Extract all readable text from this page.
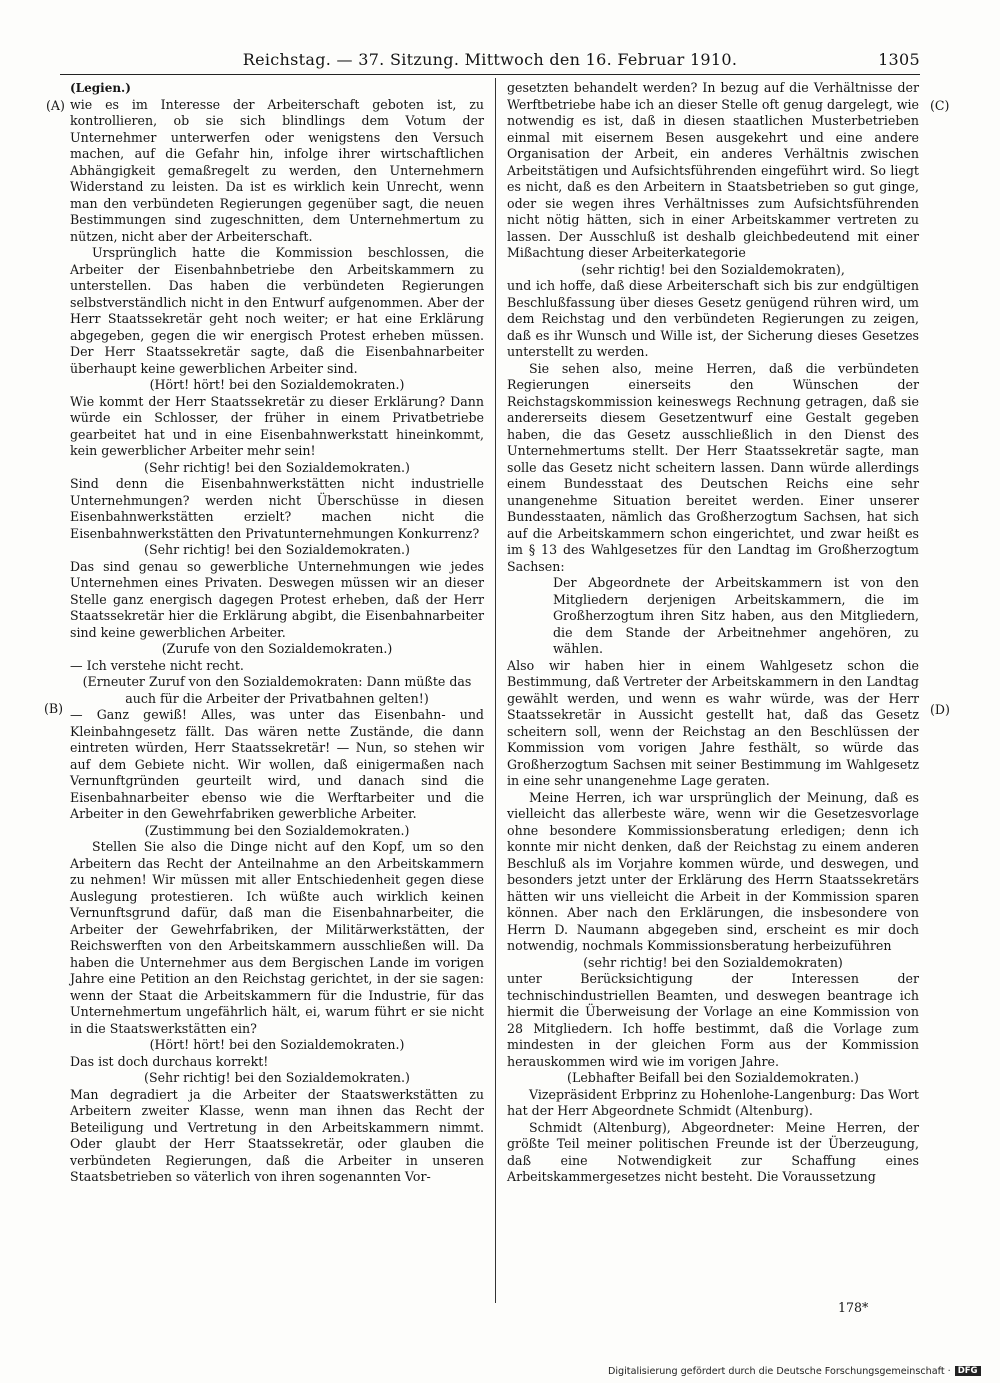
Reichstag. — 37. Sitzung. Mittwoch den 16. Februar 1910.	1305
(A)
(B)
(C)
(D)

(Legien.)

wie es im Interesse der Arbeiterschaft geboten ist, zu kontrollieren, ob sie sich blindlings dem Votum der Unternehmer unterwerfen oder wenigstens den Versuch machen, auf die Gefahr hin, infolge ihrer wirtschaftlichen Abhängigkeit gemaßregelt zu werden, den Unternehmern Widerstand zu leisten. Da ist es wirklich kein Unrecht, wenn man den verbündeten Regierungen gegenüber sagt, die neuen Bestimmungen sind zugeschnitten, dem Unternehmertum zu nützen, nicht aber der Arbeiterschaft.

Ursprünglich hatte die Kommission beschlossen, die Arbeiter der Eisenbahnbetriebe den Arbeitskammern zu unterstellen. Das haben die verbündeten Regierungen selbstverständlich nicht in den Entwurf aufgenommen. Aber der Herr Staatssekretär geht noch weiter; er hat eine Erklärung abgegeben, gegen die wir energisch Protest erheben müssen. Der Herr Staatssekretär sagte, daß die Eisenbahnarbeiter überhaupt keine gewerblichen Arbeiter sind.

(Hört! hört! bei den Sozialdemokraten.)

Wie kommt der Herr Staatssekretär zu dieser Erklärung? Dann würde ein Schlosser, der früher in einem Privatbetriebe gearbeitet hat und in eine Eisenbahnwerkstatt hineinkommt, kein gewerblicher Arbeiter mehr sein!

(Sehr richtig! bei den Sozialdemokraten.)

Sind denn die Eisenbahnwerkstätten nicht industrielle Unternehmungen? werden nicht Überschüsse in diesen Eisenbahnwerkstätten erzielt? machen nicht die Eisenbahnwerkstätten den Privatunternehmungen Konkurrenz?

(Sehr richtig! bei den Sozialdemokraten.)

Das sind genau so gewerbliche Unternehmungen wie jedes Unternehmen eines Privaten. Deswegen müssen wir an dieser Stelle ganz energisch dagegen Protest erheben, daß der Herr Staatssekretär hier die Erklärung abgibt, die Eisenbahnarbeiter sind keine gewerblichen Arbeiter.

(Zurufe von den Sozialdemokraten.)

— Ich verstehe nicht recht.

(Erneuter Zuruf von den Sozialdemokraten: Dann müßte das auch für die Arbeiter der Privatbahnen gelten!)

— Ganz gewiß! Alles, was unter das Eisenbahn- und Kleinbahngesetz fällt. Das wären nette Zustände, die dann eintreten würden, Herr Staatssekretär! — Nun, so stehen wir auf dem Gebiete nicht. Wir wollen, daß einigermaßen nach Vernunftgründen geurteilt wird, und danach sind die Eisenbahnarbeiter ebenso wie die Werftarbeiter und die Arbeiter in den Gewehrfabriken gewerbliche Arbeiter.

(Zustimmung bei den Sozialdemokraten.)

Stellen Sie also die Dinge nicht auf den Kopf, um so den Arbeitern das Recht der Anteilnahme an den Arbeitskammern zu nehmen! Wir müssen mit aller Entschiedenheit gegen diese Auslegung protestieren. Ich wüßte auch wirklich keinen Vernunftsgrund dafür, daß man die Eisenbahnarbeiter, die Arbeiter der Gewehrfabriken, der Militärwerkstätten, der Reichswerften von den Arbeitskammern ausschließen will. Da haben die Unternehmer aus dem Bergischen Lande im vorigen Jahre eine Petition an den Reichstag gerichtet, in der sie sagen: wenn der Staat die Arbeitskammern für die Industrie, für das Unternehmertum ungefährlich hält, ei, warum führt er sie nicht in die Staatswerkstätten ein?

(Hört! hört! bei den Sozialdemokraten.)

Das ist doch durchaus korrekt!

(Sehr richtig! bei den Sozialdemokraten.)

Man degradiert ja die Arbeiter der Staatswerkstätten zu Arbeitern zweiter Klasse, wenn man ihnen das Recht der Beteiligung und Vertretung in den Arbeitskammern nimmt. Oder glaubt der Herr Staatssekretär, oder glauben die verbündeten Regierungen, daß die Arbeiter in unseren Staatsbetrieben so väterlich von ihren sogenannten Vor-

gesetzten behandelt werden? In bezug auf die Verhältnisse der Werftbetriebe habe ich an dieser Stelle oft genug dargelegt, wie notwendig es ist, daß in diesen staatlichen Musterbetrieben einmal mit eisernem Besen ausgekehrt und eine andere Organisation der Arbeit, ein anderes Verhältnis zwischen Arbeitstätigen und Aufsichtsführenden eingeführt wird. So liegt es nicht, daß es den Arbeitern in Staatsbetrieben so gut ginge, oder sie wegen ihres Verhältnisses zum Aufsichtsführenden nicht nötig hätten, sich in einer Arbeitskammer vertreten zu lassen. Der Ausschluß ist deshalb gleichbedeutend mit einer Mißachtung dieser Arbeiterkategorie

(sehr richtig! bei den Sozialdemokraten),

und ich hoffe, daß diese Arbeiterschaft sich bis zur endgültigen Beschlußfassung über dieses Gesetz genügend rühren wird, um dem Reichstag und den verbündeten Regierungen zu zeigen, daß es ihr Wunsch und Wille ist, der Sicherung dieses Gesetzes unterstellt zu werden.

Sie sehen also, meine Herren, daß die verbündeten Regierungen einerseits den Wünschen der Reichstagskommission keineswegs Rechnung getragen, daß sie andererseits diesem Gesetzentwurf eine Gestalt gegeben haben, die das Gesetz ausschließlich in den Dienst des Unternehmertums stellt. Der Herr Staatssekretär sagte, man solle das Gesetz nicht scheitern lassen. Dann würde allerdings einem Bundesstaat des Deutschen Reichs eine sehr unangenehme Situation bereitet werden. Einer unserer Bundesstaaten, nämlich das Großherzogtum Sachsen, hat sich auf die Arbeitskammern schon eingerichtet, und zwar heißt es im § 13 des Wahlgesetzes für den Landtag im Großherzogtum Sachsen:

Der Abgeordnete der Arbeitskammern ist von den Mitgliedern derjenigen Arbeitskammern, die im Großherzogtum ihren Sitz haben, aus den Mitgliedern, die dem Stande der Arbeitnehmer angehören, zu wählen.

Also wir haben hier in einem Wahlgesetz schon die Bestimmung, daß Vertreter der Arbeitskammern in den Landtag gewählt werden, und wenn es wahr würde, was der Herr Staatssekretär in Aussicht gestellt hat, daß das Gesetz scheitern soll, wenn der Reichstag an den Beschlüssen der Kommission vom vorigen Jahre festhält, so würde das Großherzogtum Sachsen mit seiner Bestimmung im Wahlgesetz in eine sehr unangenehme Lage geraten.

Meine Herren, ich war ursprünglich der Meinung, daß es vielleicht das allerbeste wäre, wenn wir die Gesetzesvorlage ohne besondere Kommissionsberatung erledigen; denn ich konnte mir nicht denken, daß der Reichstag zu einem anderen Beschluß als im Vorjahre kommen würde, und deswegen, und besonders jetzt unter der Erklärung des Herrn Staatssekretärs hätten wir uns vielleicht die Arbeit in der Kommission sparen können. Aber nach den Erklärungen, die insbesondere von Herrn D. Naumann abgegeben sind, erscheint es mir doch notwendig, nochmals Kommissionsberatung herbeizuführen

(sehr richtig! bei den Sozialdemokraten)

unter Berücksichtigung der Interessen der technischindustriellen Beamten, und deswegen beantrage ich hiermit die Überweisung der Vorlage an eine Kommission von 28 Mitgliedern. Ich hoffe bestimmt, daß die Vorlage zum mindesten in der gleichen Form aus der Kommission herauskommen wird wie im vorigen Jahre.

(Lebhafter Beifall bei den Sozialdemokraten.)

Vizepräsident Erbprinz zu Hohenlohe-Langenburg: Das Wort hat der Herr Abgeordnete Schmidt (Altenburg).

Schmidt (Altenburg), Abgeordneter: Meine Herren, der größte Teil meiner politischen Freunde ist der Überzeugung, daß eine Notwendigkeit zur Schaffung eines Arbeitskammergesetzes nicht besteht. Die Voraussetzung

178*
Digitalisierung gefördert durch die Deutsche Forschungsgemeinschaft · DFG
